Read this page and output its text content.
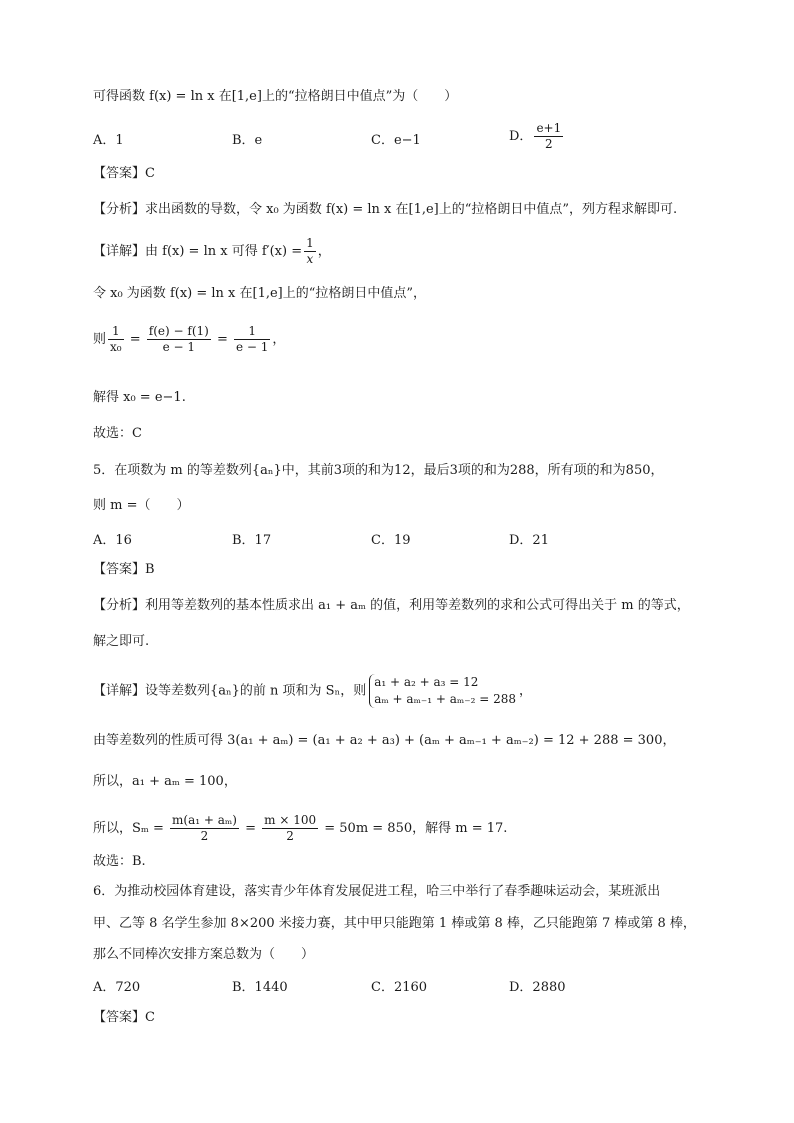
可得函数 f(x) = ln x 在[1,e]上的“拉格朗日中值点”为（　　）
A．1	B．e	C．e−1	D． $\frac{e+1}{2}$
【答案】C
【分析】求出函数的导数，令 x₀ 为函数 f(x) = ln x 在[1,e]上的“拉格朗日中值点”，列方程求解即可.
【详解】由 f(x) = ln x 可得 $f'(x) = \frac{1}{x}$ ，
令 x₀ 为函数 f(x) = ln x 在[1,e]上的“拉格朗日中值点”，
则 $\frac{1}{\text{x₀}} = \frac{f(e) - f(1)}{e - 1} = \frac{1}{e - 1}$ ，
解得 x₀ = e−1.
故选：C
5．在项数为 m 的等差数列{aₙ}中，其前3项的和为12，最后3项的和为288，所有项的和为850，
则 m =（　　）
A．16	B．17	C．19	D．21
【答案】B
【分析】利用等差数列的基本性质求出 a₁ + aₘ 的值，利用等差数列的求和公式可得出关于 m 的等式，
解之即可.
【详解】设等差数列{aₙ}的前 n 项和为 Sₙ，则
a₁ + a₂ + a₃ = 12
aₘ + aₘ₋₁ + aₘ₋₂ = 288
，
由等差数列的性质可得 3(a₁ + aₘ) = (a₁ + a₂ + a₃) + (aₘ + aₘ₋₁ + aₘ₋₂) = 12 + 288 = 300，
所以，a₁ + aₘ = 100，
所以，$S_m = \frac{\text{m(a₁ + aₘ)}}{2} = \frac{m \times 100}{2} = 50m = 850$，解得 m = 17.
故选：B.
6．为推动校园体育建设，落实青少年体育发展促进工程，哈三中举行了春季趣味运动会，某班派出
甲、乙等 8 名学生参加 8×200 米接力赛，其中甲只能跑第 1 棒或第 8 棒，乙只能跑第 7 棒或第 8 棒，
那么不同棒次安排方案总数为（　　）
A．720	B．1440	C．2160	D．2880
【答案】C
